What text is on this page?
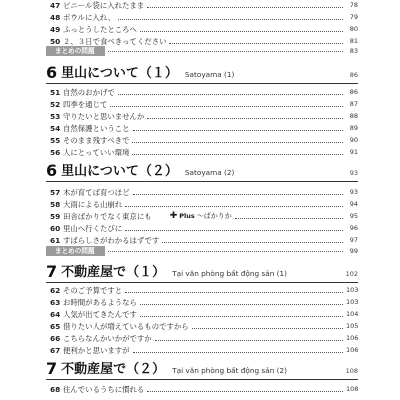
47 ビニール袋に入れたまま	78
48 ボウルに入れ、	79
49 ふっとうしたところへ	80
50 ２、３日で食べきってください	81
まとめの問題	83
6 里山について（１） Satoyama (1)	86
51 自然のおかげで	86
52 四季を通じて	87
53 守りたいと思いませんか	88
54 自然保護ということ	89
55 そのまま残すべきで	90
56 人にとっていい環境	91
6 里山について（２） Satoyama (2)	93
57 木が育てば育つほど	93
58 大雨による山崩れ	94
59 田舎ばかりでなく東京にも ✚ Plus ～ばかりか	95
60 里山へ行くたびに	96
61 すばらしさがわかるはずです	97
まとめの問題	99
7 不動産屋で（１） Tại văn phòng bất động sản (1)	102
62 そのご予算ですと	103
63 お時間があるようなら	103
64 人気が出てきたんです	104
65 借りたい人が増えているものですから	105
66 こちらなんかいかがですか	106
67 便利かと思いますが	106
7 不動産屋で（２） Tại văn phòng bất động sản (2)	108
68 住んでいるうちに慣れる	108
